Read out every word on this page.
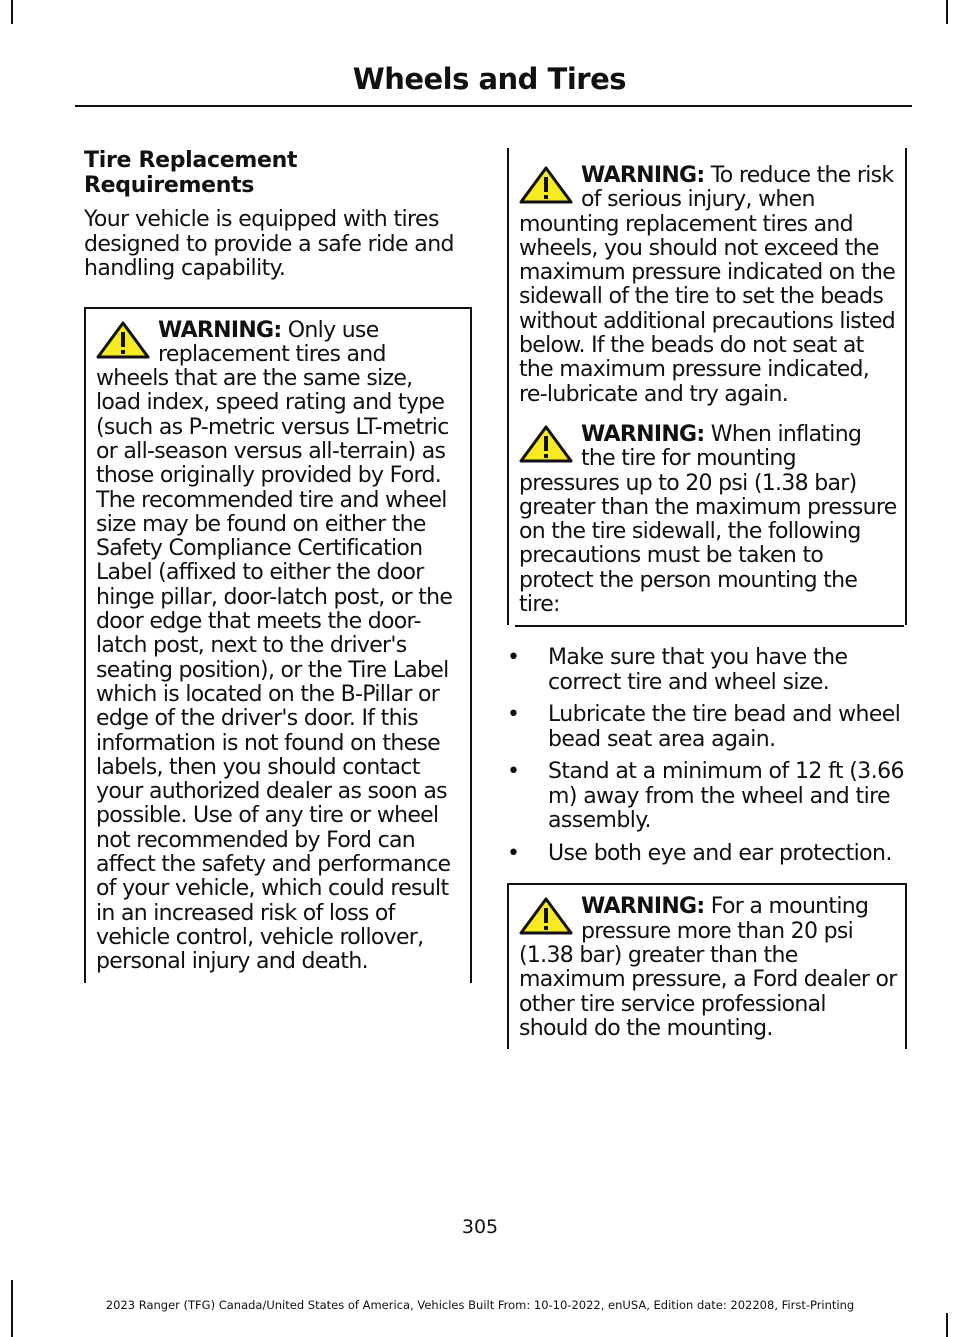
Wheels and Tires
Tire Replacement
Requirements

Your vehicle is equipped with tires designed to provide a safe ride and handling capability.

WARNING: Only use replacement tires and wheels that are the same size, load index, speed rating and type (such as P-metric versus LT-metric or all-season versus all-terrain) as those originally provided by Ford. The recommended tire and wheel size may be found on either the Safety Compliance Certification Label (affixed to either the door hinge pillar, door-latch post, or the door edge that meets the door-latch post, next to the driver's seating position), or the Tire Label which is located on the B-Pillar or edge of the driver's door. If this information is not found on these labels, then you should contact your authorized dealer as soon as possible. Use of any tire or wheel not recommended by Ford can affect the safety and performance of your vehicle, which could result in an increased risk of loss of vehicle control, vehicle rollover, personal injury and death.

WARNING: To reduce the risk of serious injury, when mounting replacement tires and wheels, you should not exceed the maximum pressure indicated on the sidewall of the tire to set the beads without additional precautions listed below. If the beads do not seat at the maximum pressure indicated, re-lubricate and try again.

WARNING: When inflating the tire for mounting pressures up to 20 psi (1.38 bar) greater than the maximum pressure on the tire sidewall, the following precautions must be taken to protect the person mounting the tire:

• Make sure that you have the correct tire and wheel size.
• Lubricate the tire bead and wheel bead seat area again.
• Stand at a minimum of 12 ft (3.66 m) away from the wheel and tire assembly.
• Use both eye and ear protection.

WARNING: For a mounting pressure more than 20 psi (1.38 bar) greater than the maximum pressure, a Ford dealer or other tire service professional should do the mounting.

305

2023 Ranger (TFG) Canada/United States of America, Vehicles Built From: 10-10-2022, enUSA, Edition date: 202208, First-Printing
